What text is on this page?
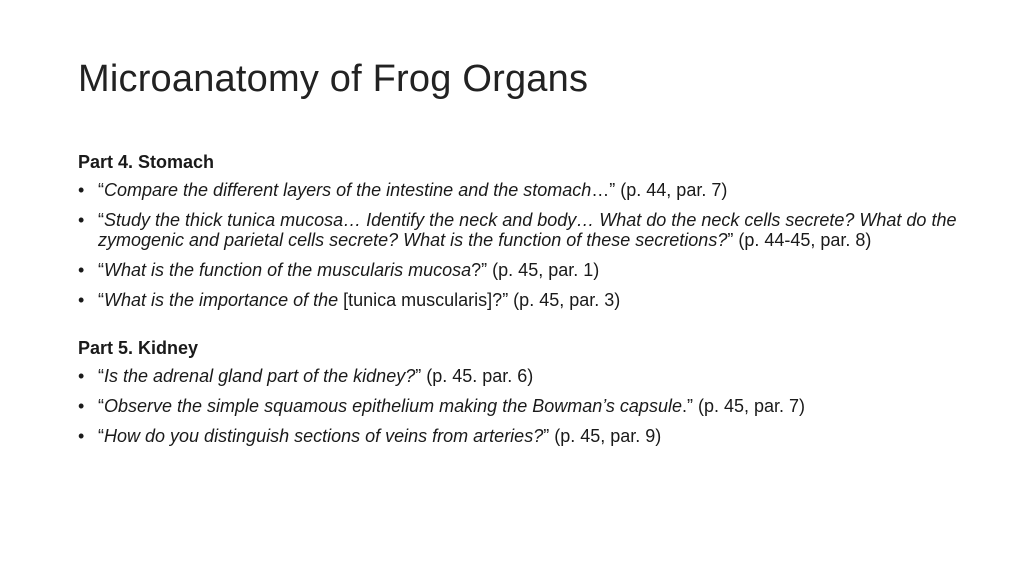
Microanatomy of Frog Organs
Part 4. Stomach
• “Compare the different layers of the intestine and the stomach…” (p. 44, par. 7)
• “Study the thick tunica mucosa… Identify the neck and body… What do the neck cells secrete? What do the zymogenic and parietal cells secrete? What is the function of these secretions?” (p. 44-45, par. 8)
• “What is the function of the muscularis mucosa?” (p. 45, par. 1)
• “What is the importance of the [tunica muscularis]?” (p. 45, par. 3)
Part 5. Kidney
• “Is the adrenal gland part of the kidney?” (p. 45. par. 6)
• “Observe the simple squamous epithelium making the Bowman’s capsule.” (p. 45, par. 7)
• “How do you distinguish sections of veins from arteries?” (p. 45, par. 9)
